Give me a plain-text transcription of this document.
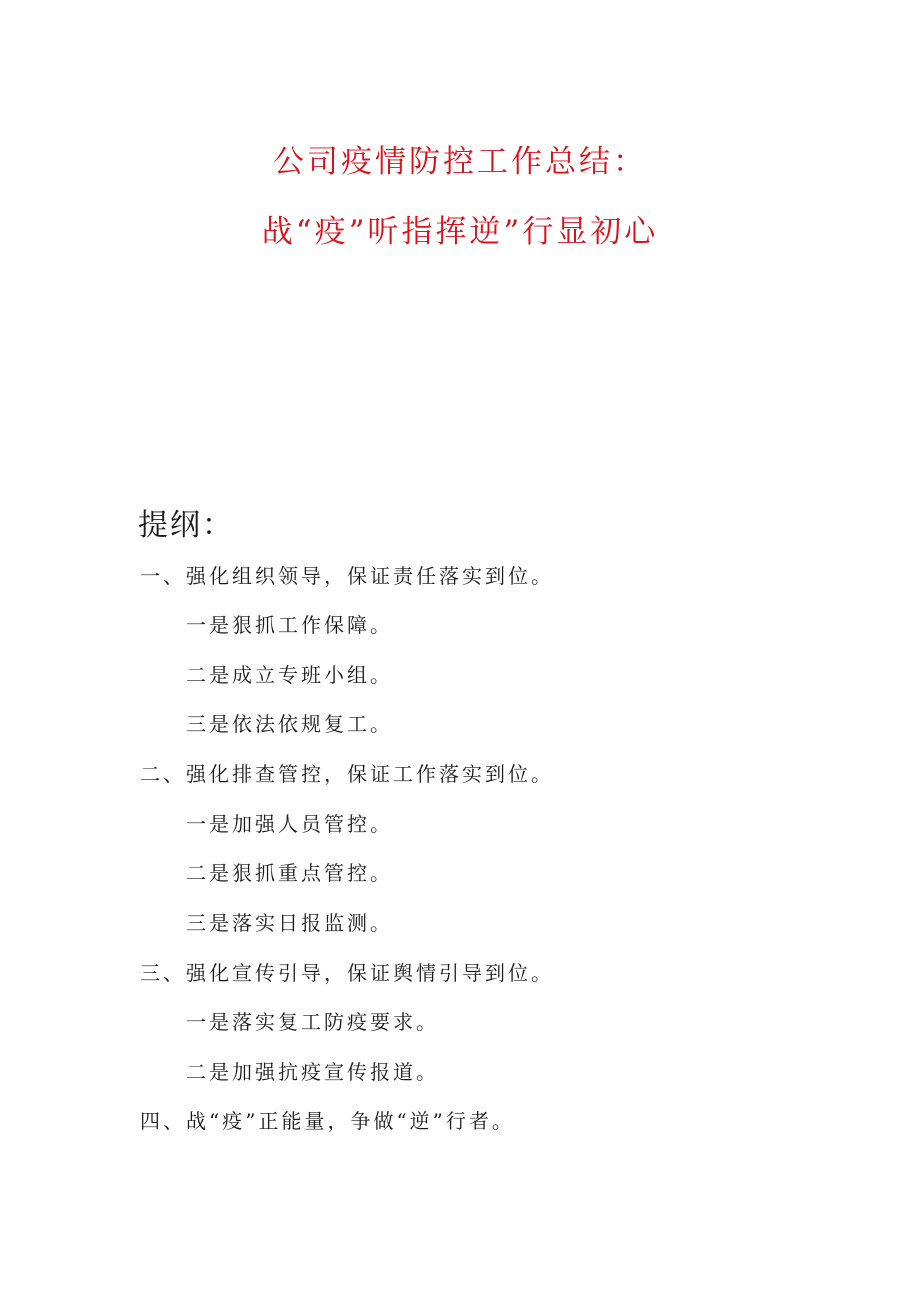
公司疫情防控工作总结：
战“疫”听指挥逆”行显初心
提纲：
一、强化组织领导，保证责任落实到位。
一是狠抓工作保障。
二是成立专班小组。
三是依法依规复工。
二、强化排查管控，保证工作落实到位。
一是加强人员管控。
二是狠抓重点管控。
三是落实日报监测。
三、强化宣传引导，保证舆情引导到位。
一是落实复工防疫要求。
二是加强抗疫宣传报道。
四、战“疫”正能量，争做“逆”行者。
